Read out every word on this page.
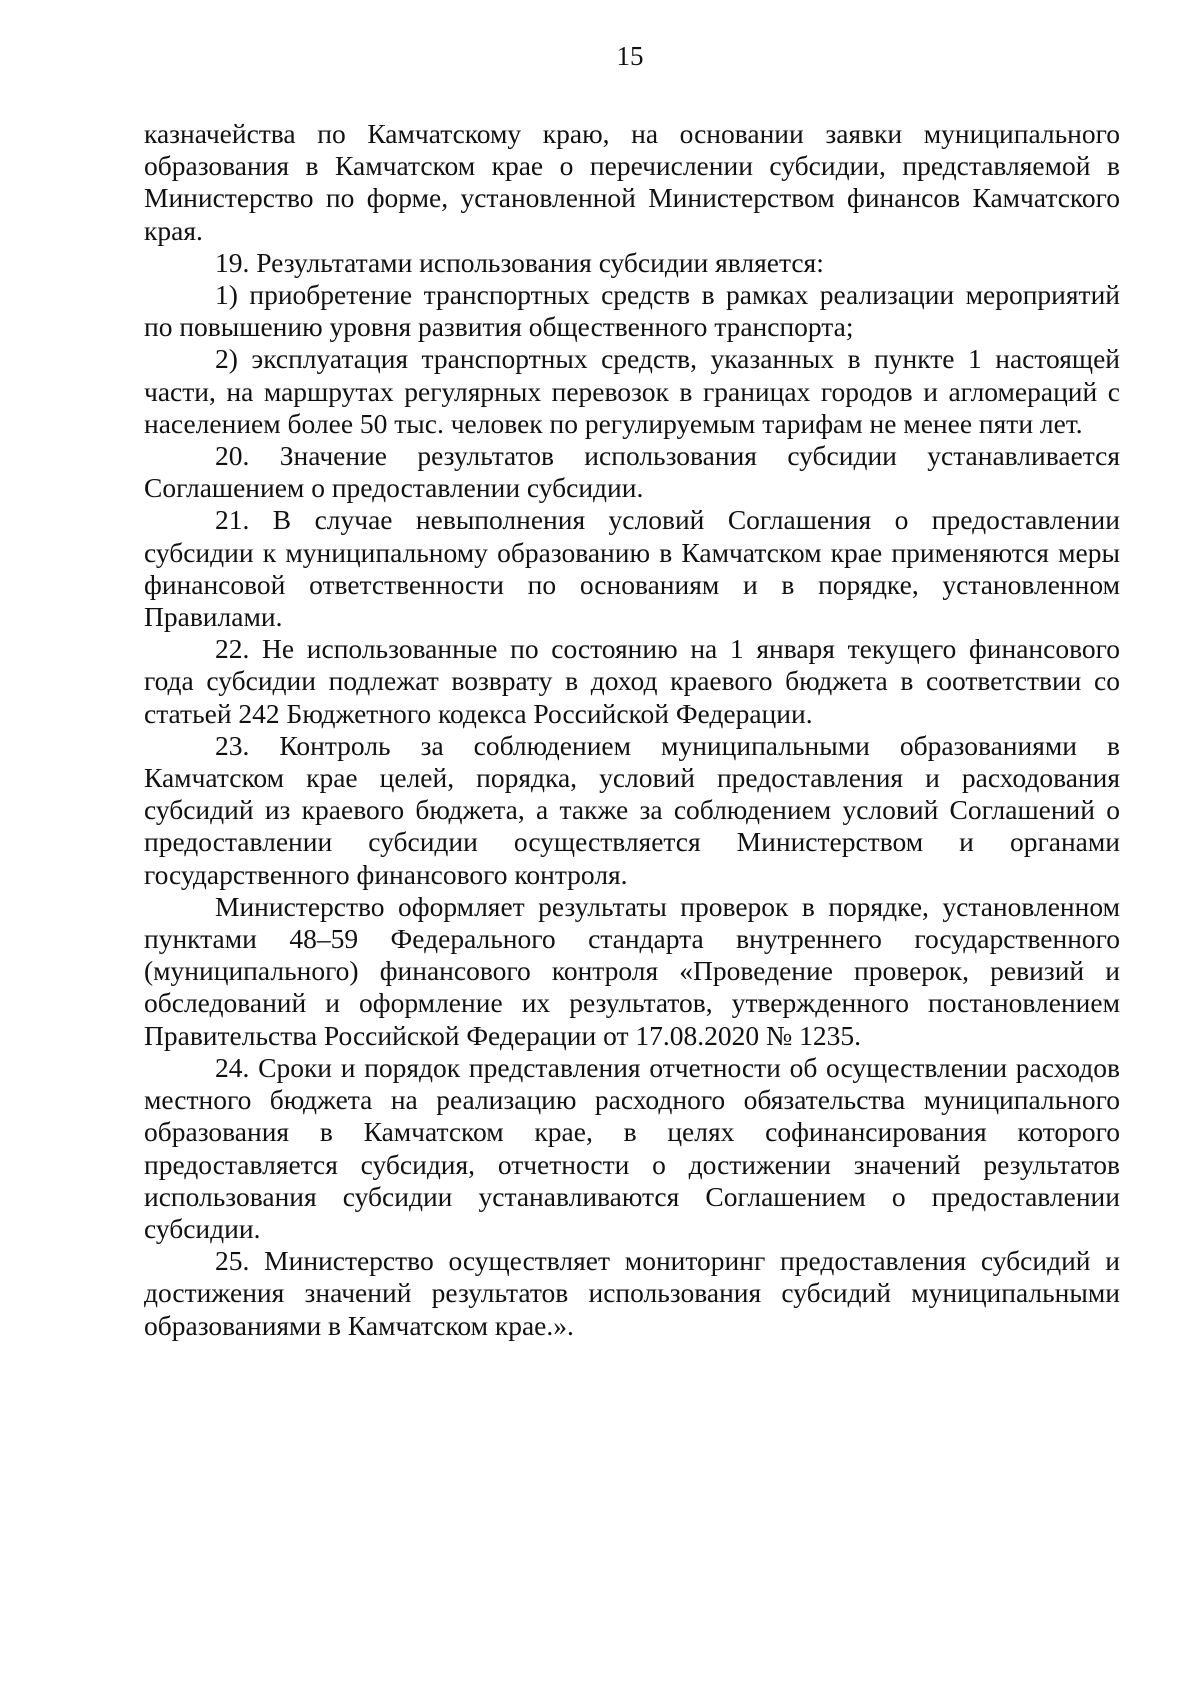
15

казначейства по Камчатскому краю, на основании заявки муниципального образования в Камчатском крае о перечислении субсидии, представляемой в Министерство по форме, установленной Министерством финансов Камчатского края.

19. Результатами использования субсидии является:

1) приобретение транспортных средств в рамках реализации мероприятий по повышению уровня развития общественного транспорта;

2) эксплуатация транспортных средств, указанных в пункте 1 настоящей части, на маршрутах регулярных перевозок в границах городов и агломераций с населением более 50 тыс. человек по регулируемым тарифам не менее пяти лет.

20. Значение результатов использования субсидии устанавливается Соглашением о предоставлении субсидии.

21. В случае невыполнения условий Соглашения о предоставлении субсидии к муниципальному образованию в Камчатском крае применяются меры финансовой ответственности по основаниям и в порядке, установленном Правилами.

22. Не использованные по состоянию на 1 января текущего финансового года субсидии подлежат возврату в доход краевого бюджета в соответствии со статьей 242 Бюджетного кодекса Российской Федерации.

23. Контроль за соблюдением муниципальными образованиями в Камчатском крае целей, порядка, условий предоставления и расходования субсидий из краевого бюджета, а также за соблюдением условий Соглашений о предоставлении субсидии осуществляется Министерством и органами государственного финансового контроля.

Министерство оформляет результаты проверок в порядке, установленном пунктами 48–59 Федерального стандарта внутреннего государственного (муниципального) финансового контроля «Проведение проверок, ревизий и обследований и оформление их результатов, утвержденного постановлением Правительства Российской Федерации от 17.08.2020 № 1235.

24. Сроки и порядок представления отчетности об осуществлении расходов местного бюджета на реализацию расходного обязательства муниципального образования в Камчатском крае, в целях софинансирования которого предоставляется субсидия, отчетности о достижении значений результатов использования субсидии устанавливаются Соглашением о предоставлении субсидии.

25. Министерство осуществляет мониторинг предоставления субсидий и достижения значений результатов использования субсидий муниципальными образованиями в Камчатском крае.».
